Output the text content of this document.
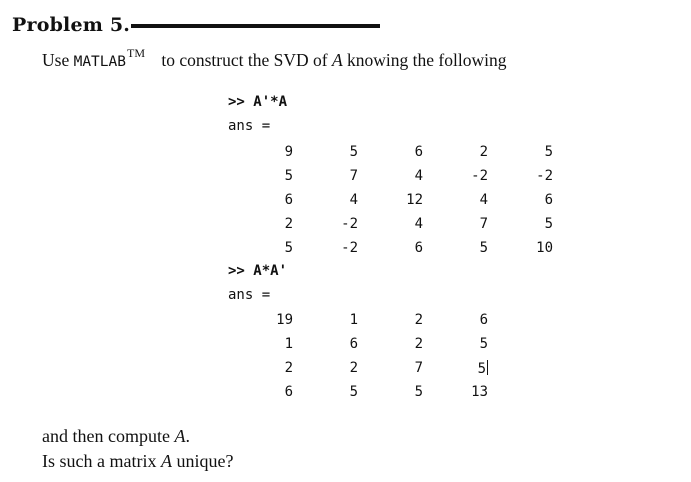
Problem 5.
Use MATLAB™ to construct the SVD of A knowing the following
>> A'*A
ans =
9	5	6	2	5
5	7	4	-2	-2
6	4	12	4	6
2	-2	4	7	5
5	-2	6	5	10
>> A*A'
ans =
19	1	2	6
1	6	2	5
2	2	7	5
6	5	5	13
and then compute A.
Is such a matrix A unique?
